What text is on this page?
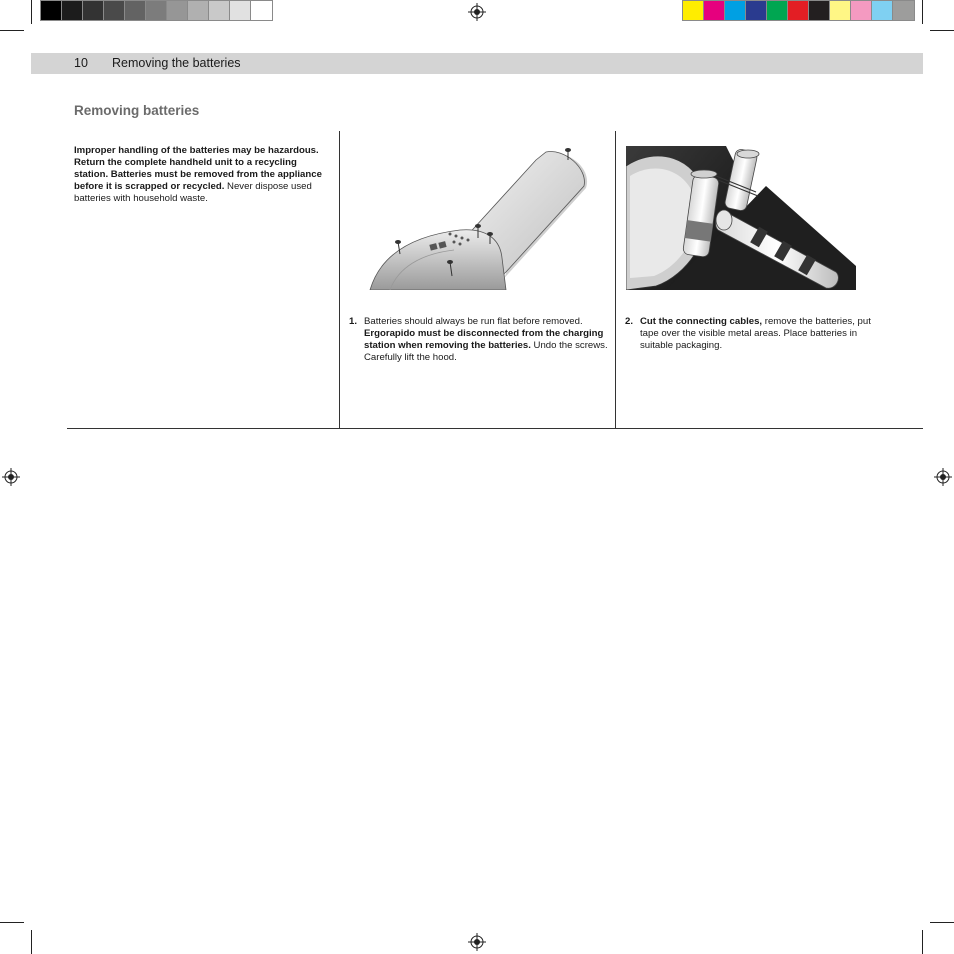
10 Removing the batteries
Removing batteries
Improper handling of the batteries may be hazardous. Return the complete handheld unit to a recycling station. Batteries must be removed from the appliance before it is scrapped or recycled. Never dispose used batteries with household waste.
1. Batteries should always be run flat before removed. Ergorapido must be disconnected from the charging station when removing the batteries. Undo the screws. Carefully lift the hood.
2. Cut the connecting cables, remove the batteries, put tape over the visible metal areas. Place batteries in suitable packaging.
